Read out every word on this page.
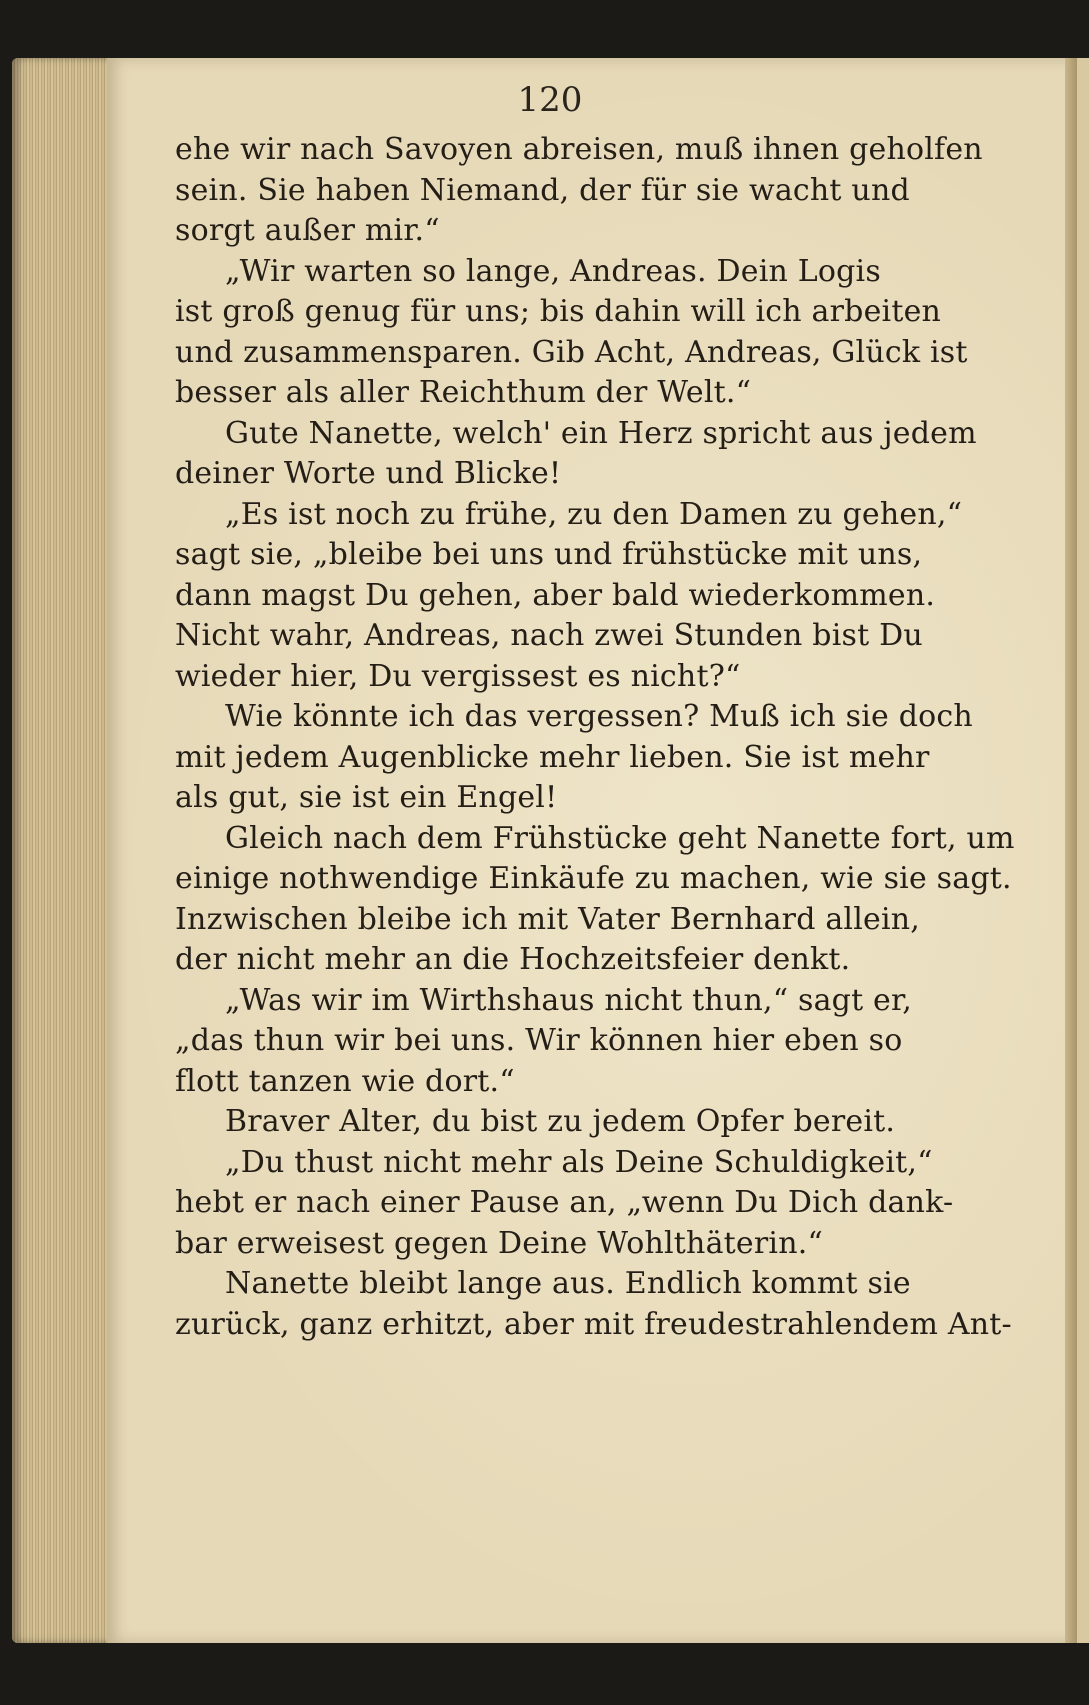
120
ehe wir nach Savoyen abreisen, muß ihnen geholfen
sein. Sie haben Niemand, der für sie wacht und
sorgt außer mir.“
„Wir warten so lange, Andreas. Dein Logis
ist groß genug für uns; bis dahin will ich arbeiten
und zusammensparen. Gib Acht, Andreas, Glück ist
besser als aller Reichthum der Welt.“
Gute Nanette, welch' ein Herz spricht aus jedem
deiner Worte und Blicke!
„Es ist noch zu frühe, zu den Damen zu gehen,“
sagt sie, „bleibe bei uns und frühstücke mit uns,
dann magst Du gehen, aber bald wiederkommen.
Nicht wahr, Andreas, nach zwei Stunden bist Du
wieder hier, Du vergissest es nicht?“
Wie könnte ich das vergessen? Muß ich sie doch
mit jedem Augenblicke mehr lieben. Sie ist mehr
als gut, sie ist ein Engel!
Gleich nach dem Frühstücke geht Nanette fort, um
einige nothwendige Einkäufe zu machen, wie sie sagt.
Inzwischen bleibe ich mit Vater Bernhard allein,
der nicht mehr an die Hochzeitsfeier denkt.
„Was wir im Wirthshaus nicht thun,“ sagt er,
„das thun wir bei uns. Wir können hier eben so
flott tanzen wie dort.“
Braver Alter, du bist zu jedem Opfer bereit.
„Du thust nicht mehr als Deine Schuldigkeit,“
hebt er nach einer Pause an, „wenn Du Dich dank-
bar erweisest gegen Deine Wohlthäterin.“
Nanette bleibt lange aus. Endlich kommt sie
zurück, ganz erhitzt, aber mit freudestrahlendem Ant-
